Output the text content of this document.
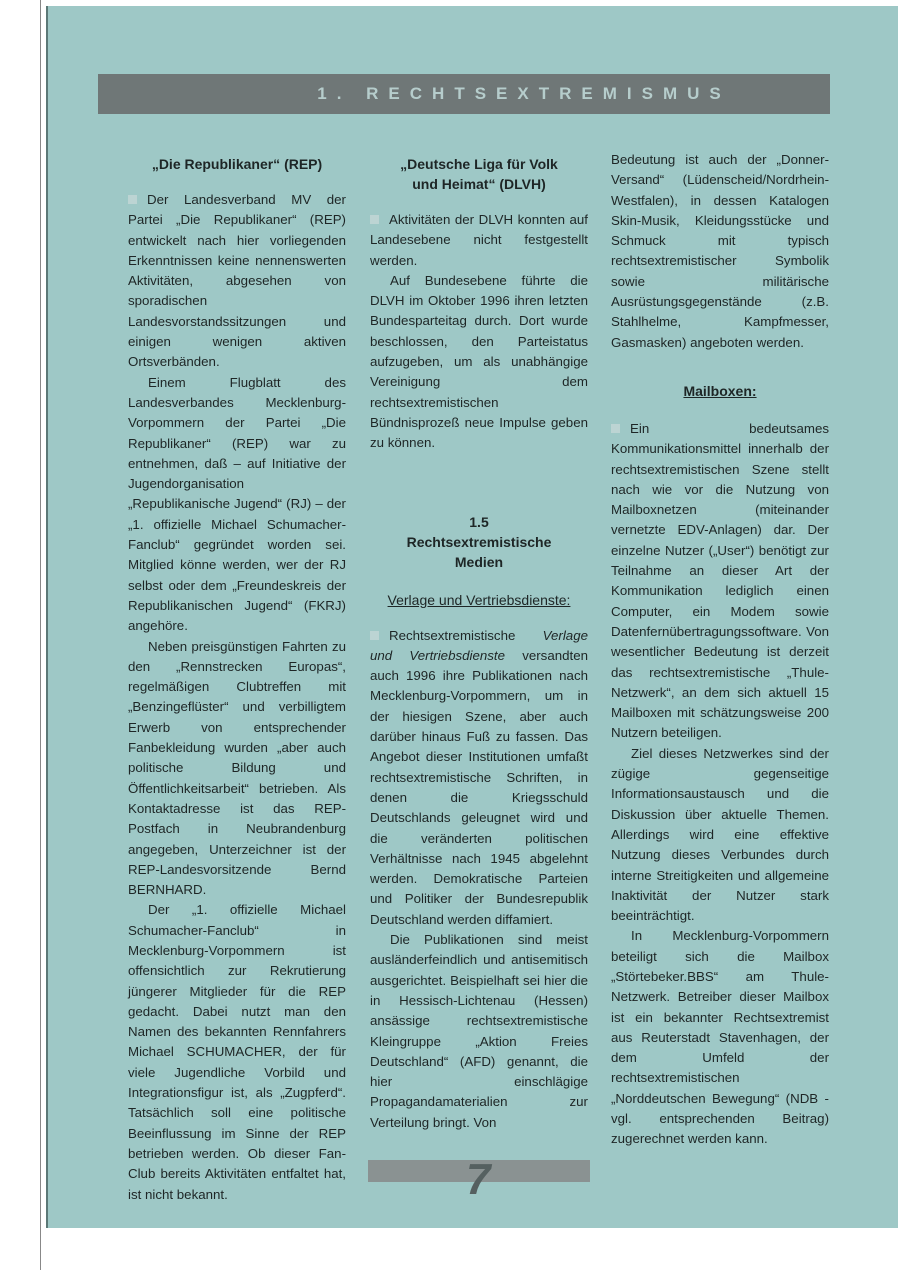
1. RECHTSEXTREMISMUS
„Die Republikaner“ (REP)

Der Landesverband MV der Partei „Die Republikaner“ (REP) entwickelt nach hier vorliegenden Erkenntnissen keine nennenswerten Aktivitäten, abgesehen von sporadischen Landesvorstandssitzungen und einigen wenigen aktiven Ortsverbänden.

Einem Flugblatt des Landesverbandes Mecklenburg-Vorpommern der Partei „Die Republikaner“ (REP) war zu entnehmen, daß – auf Initiative der Jugendorganisation „Republikanische Jugend“ (RJ) – der „1. offizielle Michael Schumacher-Fanclub“ gegründet worden sei. Mitglied könne werden, wer der RJ selbst oder dem „Freundeskreis der Republikanischen Jugend“ (FKRJ) angehöre.

Neben preisgünstigen Fahrten zu den „Rennstrecken Europas“, regelmäßigen Clubtreffen mit „Benzingeflüster“ und verbilligtem Erwerb von entsprechender Fanbekleidung wurden „aber auch politische Bildung und Öffentlichkeitsarbeit“ betrieben. Als Kontaktadresse ist das REP-Postfach in Neubrandenburg angegeben, Unterzeichner ist der REP-Landesvorsitzende Bernd BERNHARD.

Der „1. offizielle Michael Schumacher-Fanclub“ in Mecklenburg-Vorpommern ist offensichtlich zur Rekrutierung jüngerer Mitglieder für die REP gedacht. Dabei nutzt man den Namen des bekannten Rennfahrers Michael SCHUMACHER, der für viele Jugendliche Vorbild und Integrationsfigur ist, als „Zugpferd“. Tatsächlich soll eine politische Beeinflussung im Sinne der REP betrieben werden. Ob dieser Fan-Club bereits Aktivitäten entfaltet hat, ist nicht bekannt.

„Deutsche Liga für Volk
und Heimat“ (DLVH)

Aktivitäten der DLVH konnten auf Landesebene nicht festgestellt werden.

Auf Bundesebene führte die DLVH im Oktober 1996 ihren letzten Bundesparteitag durch. Dort wurde beschlossen, den Parteistatus aufzugeben, um als unabhängige Vereinigung dem rechtsextremistischen Bündnisprozeß neue Impulse geben zu können.

1.5
Rechtsextremistische
Medien
Verlage und Vertriebsdienste:

Rechtsextremistische Verlage und Vertriebsdienste versandten auch 1996 ihre Publikationen nach Mecklenburg-Vorpommern, um in der hiesigen Szene, aber auch darüber hinaus Fuß zu fassen. Das Angebot dieser Institutionen umfaßt rechtsextremistische Schriften, in denen die Kriegsschuld Deutschlands geleugnet wird und die veränderten politischen Verhältnisse nach 1945 abgelehnt werden. Demokratische Parteien und Politiker der Bundesrepublik Deutschland werden diffamiert.

Die Publikationen sind meist ausländerfeindlich und antisemitisch ausgerichtet. Beispielhaft sei hier die in Hessisch-Lichtenau (Hessen) ansässige rechtsextremistische Kleingruppe „Aktion Freies Deutschland“ (AFD) genannt, die hier einschlägige Propagandamaterialien zur Verteilung bringt. Von

Bedeutung ist auch der „Donner-Versand“ (Lüdenscheid/Nordrhein-Westfalen), in dessen Katalogen Skin-Musik, Kleidungsstücke und Schmuck mit typisch rechtsextremistischer Symbolik sowie militärische Ausrüstungsgegenstände (z.B. Stahlhelme, Kampfmesser, Gasmasken) angeboten werden.

Mailboxen:

Ein bedeutsames Kommunikationsmittel innerhalb der rechtsextremistischen Szene stellt nach wie vor die Nutzung von Mailboxnetzen (miteinander vernetzte EDV-Anlagen) dar. Der einzelne Nutzer („User“) benötigt zur Teilnahme an dieser Art der Kommunikation lediglich einen Computer, ein Modem sowie Datenfernübertragungssoftware. Von wesentlicher Bedeutung ist derzeit das rechtsextremistische „Thule-Netzwerk“, an dem sich aktuell 15 Mailboxen mit schätzungsweise 200 Nutzern beteiligen.

Ziel dieses Netzwerkes sind der zügige gegenseitige Informationsaustausch und die Diskussion über aktuelle Themen. Allerdings wird eine effektive Nutzung dieses Verbundes durch interne Streitigkeiten und allgemeine Inaktivität der Nutzer stark beeinträchtigt.

In Mecklenburg-Vorpommern beteiligt sich die Mailbox „Störtebeker.BBS“ am Thule-Netzwerk. Betreiber dieser Mailbox ist ein bekannter Rechtsextremist aus Reuterstadt Stavenhagen, der dem Umfeld der rechtsextremistischen „Norddeutschen Bewegung“ (NDB - vgl. entsprechenden Beitrag) zugerechnet werden kann.

7
